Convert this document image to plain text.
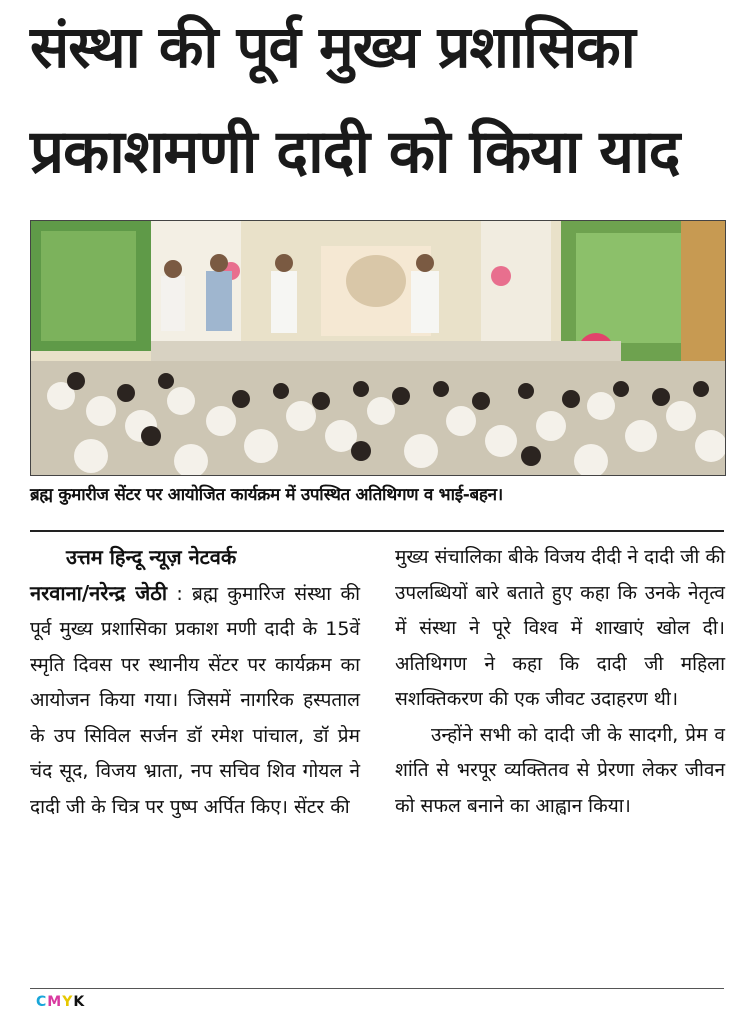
संस्था की पूर्व मुख्य प्रशासिका
प्रकाशमणी दादी को किया याद
ब्रह्म कुमारीज सेंटर पर आयोजित कार्यक्रम में उपस्थित अतिथिगण व भाई-बहन।
उत्तम हिन्दू न्यूज़ नेटवर्क

नरवाना/नरेन्द्र जेठी : ब्रह्म कुमारिज संस्था की पूर्व मुख्य प्रशासिका प्रकाश मणी दादी के 15वें स्मृति दिवस पर स्थानीय सेंटर पर कार्यक्रम का आयोजन किया गया। जिसमें नागरिक हस्पताल के उप सिविल सर्जन डॉ रमेश पांचाल, डॉ प्रेम चंद सूद, विजय भ्राता, नप सचिव शिव गोयल ने दादी जी के चित्र पर पुष्प अर्पित किए। सेंटर की

मुख्य संचालिका बीके विजय दीदी ने दादी जी की उपलब्धियों बारे बताते हुए कहा कि उनके नेतृत्व में संस्था ने पूरे विश्व में शाखाएं खोल दी। अतिथिगण ने कहा कि दादी जी महिला सशक्तिकरण की एक जीवट उदाहरण थी।

उन्होंने सभी को दादी जी के सादगी, प्रेम व शांति से भरपूर व्यक्तितव से प्रेरणा लेकर जीवन को सफल बनाने का आह्वान किया।

CMYK
